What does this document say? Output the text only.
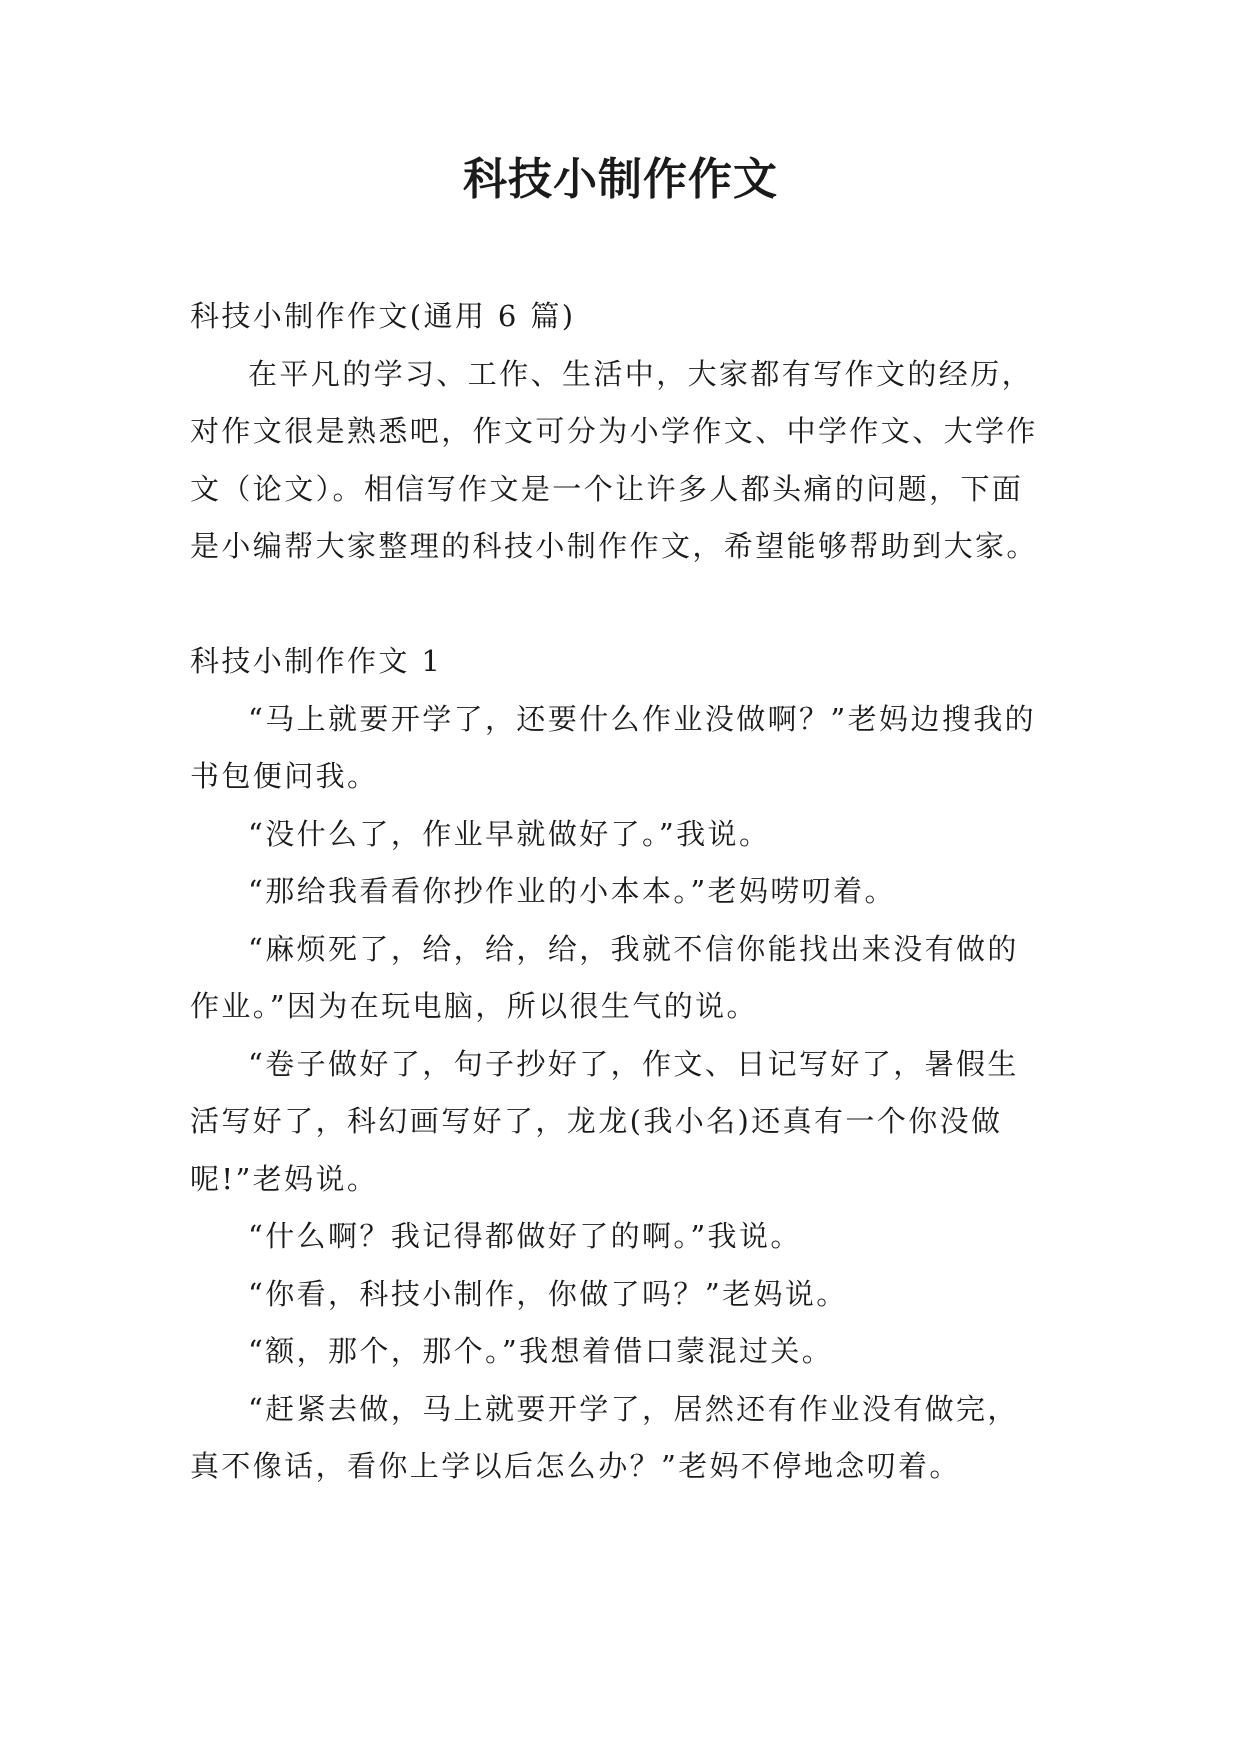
科技小制作作文

科技小制作作文(通用 6 篇)

在平凡的学习、工作、生活中，大家都有写作文的经历，对作文很是熟悉吧，作文可分为小学作文、中学作文、大学作文（论文）。相信写作文是一个让许多人都头痛的问题，下面是小编帮大家整理的科技小制作作文，希望能够帮助到大家。

科技小制作作文 1

“马上就要开学了，还要什么作业没做啊？”老妈边搜我的书包便问我。

“没什么了，作业早就做好了。”我说。

“那给我看看你抄作业的小本本。”老妈唠叨着。

“麻烦死了，给，给，给，我就不信你能找出来没有做的作业。”因为在玩电脑，所以很生气的说。

“卷子做好了，句子抄好了，作文、日记写好了，暑假生活写好了，科幻画写好了，龙龙(我小名)还真有一个你没做呢!”老妈说。

“什么啊？我记得都做好了的啊。”我说。

“你看，科技小制作，你做了吗？”老妈说。

“额，那个，那个。”我想着借口蒙混过关。

“赶紧去做，马上就要开学了，居然还有作业没有做完，真不像话，看你上学以后怎么办？”老妈不停地念叨着。
